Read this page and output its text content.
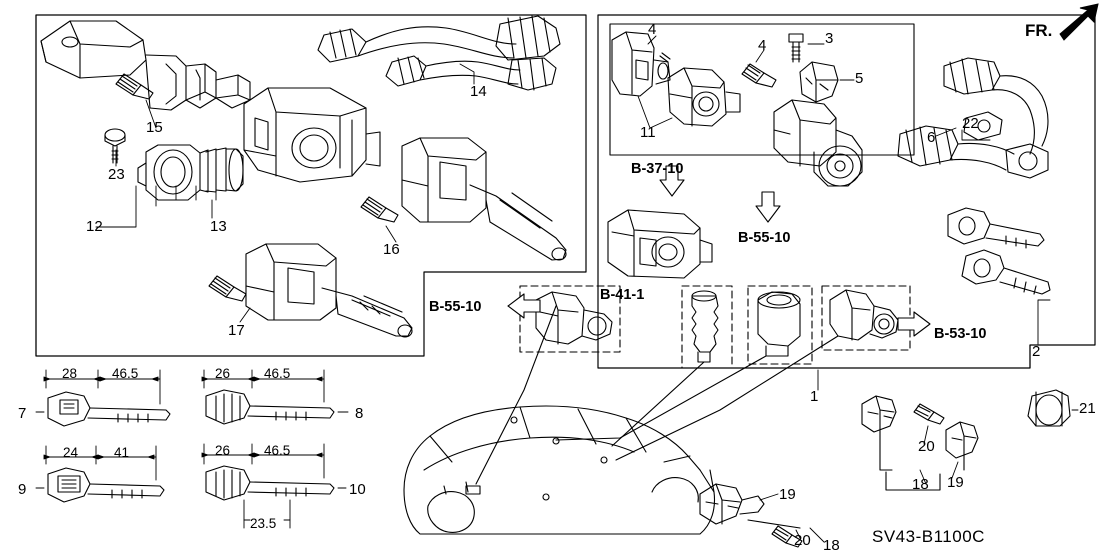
FR.
1
2
3
4
4
5
6
7	8
9	10
11
12	13
14
15
16
17
18
18
19
19
20
20
21
22
23	B-37-10
B-55-10
B-55-10
B-41-1
B-53-10
28	46.5	26	46.5
24	41	26	46.5
23.5
SV43-B1100C
